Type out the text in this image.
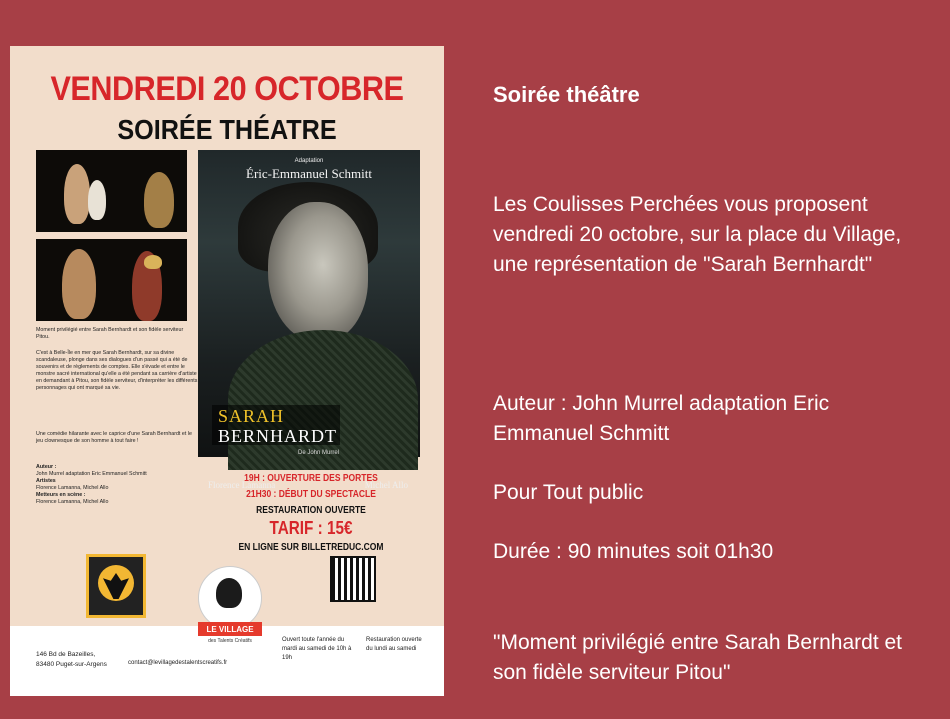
VENDREDI 20 OCTOBRE
SOIRÉE THÉATRE
Moment privilégié entre Sarah Bernhardt et son fidèle serviteur Pitou.
C'est à Belle-Île en mer que Sarah Bernhardt, sur sa divine scandaleuse, plonge dans ses dialogues d'un passé qui a été de souvenirs et de règlements de comptes. Elle s'évade et entre le monstre sacré international qu'elle a été pendant sa carrière d'artiste en demandant à Pitou, son fidèle serviteur, d'interpréter les différents personnages qui ont marqué sa vie.
Une comédie hilarante avec le caprice d'une Sarah Bernhardt et le jeu clownesque de son homme à tout faire !
Auteur :
John Murrel adaptation Eric Emmanuel Schmitt
Artistes
Florence Lamanna, Michel Allo
Metteurs en scène :
Florence Lamanna, Michel Allo
Adaptation
Éric-Emmanuel Schmitt
SARAH
BERNHARDT
De John Murrel
Florence Lamanna	Michel Allo
19H : OUVERTURE DES PORTES
21H30 : DÉBUT DU SPECTACLE
RESTAURATION OUVERTE
TARIF : 15€
EN LIGNE SUR BILLETREDUC.COM
146 Bd de Bazeilles,
83480 Puget-sur-Argens	contact@levillagedestalentscreatifs.fr
Ouvert toute l'année du mardi au samedi de 10h à 19h
Restauration ouverte du lundi au samedi
LE VILLAGE
des Talents Créatifs
Soirée théâtre
Les Coulisses Perchées vous proposent vendredi 20 octobre, sur la place du Village, une représentation de "Sarah Bernhardt"
Auteur : John Murrel adaptation Eric Emmanuel Schmitt
Pour Tout public
Durée : 90 minutes soit 01h30
"Moment privilégié entre Sarah Bernhardt et son fidèle serviteur Pitou"
